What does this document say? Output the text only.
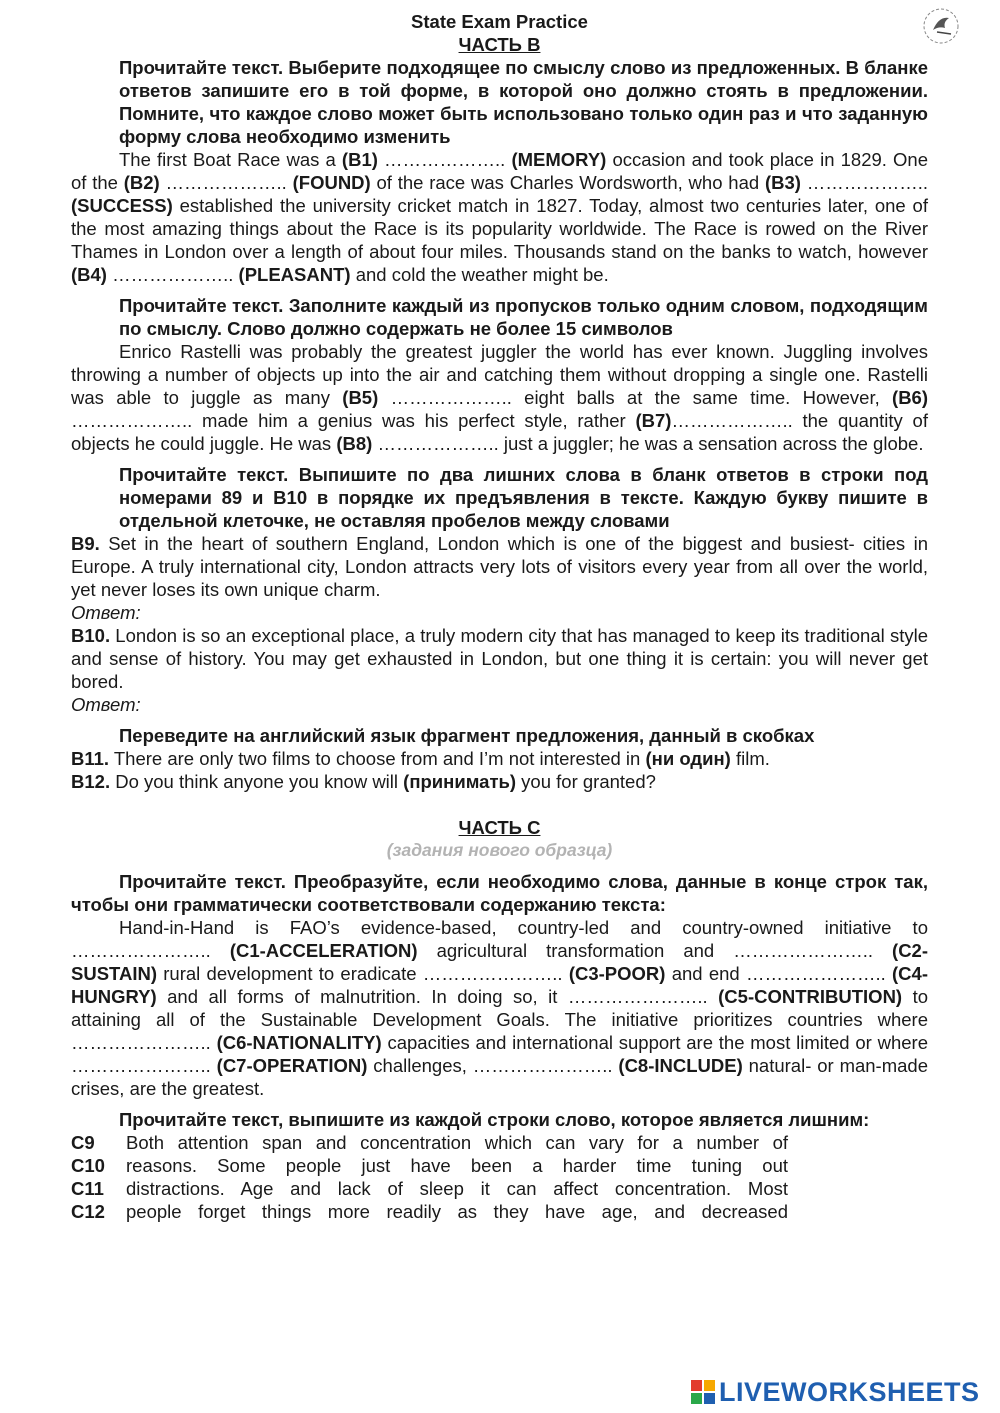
State Exam Practice

ЧАСТЬ В

Прочитайте текст. Выберите подходящее по смыслу слово из предложенных. В бланке ответов запишите его в той форме, в которой оно должно стоять в предложении. Помните, что каждое слово может быть использовано только один раз и что заданную форму слова необходимо изменить

The first Boat Race was a (B1) ……………….. (MEMORY) occasion and took place in 1829. One of the (B2) ……………….. (FOUND) of the race was Charles Wordsworth, who had (B3) ……………….. (SUCCESS) established the university cricket match in 1827. Today, almost two centuries later, one of the most amazing things about the Race is its popularity worldwide. The Race is rowed on the River Thames in London over a length of about four miles. Thousands stand on the banks to watch, however (B4) ……………….. (PLEASANT) and cold the weather might be.

Прочитайте текст. Заполните каждый из пропусков только одним словом, подходящим по смыслу. Слово должно содержать не более 15 символов

Enrico Rastelli was probably the greatest juggler the world has ever known. Juggling involves throwing a number of objects up into the air and catching them without dropping a single one. Rastelli was able to juggle as many (B5) ……………….. eight balls at the same time. However, (B6) ……………….. made him a genius was his perfect style, rather (B7)……………….. the quantity of objects he could juggle. He was (B8) ……………….. just a juggler; he was a sensation across the globe.

Прочитайте текст. Выпишите по два лишних слова в бланк ответов в строки под номерами 89 и В10 в порядке их предъявления в тексте. Каждую букву пишите в отдельной клеточке, не оставляя пробелов между словами

B9. Set in the heart of southern England, London which is one of the biggest and busiest- cities in Europe. A truly international city, London attracts very lots of visitors every year from all over the world, yet never loses its own unique charm.

Ответ:

B10. London is so an exceptional place, a truly modern city that has managed to keep its traditional style and sense of history. You may get exhausted in London, but one thing it is certain: you will never get bored.

Ответ:

Переведите на английский язык фрагмент предложения, данный в скобках

B11. There are only two films to choose from and I’m not interested in (ни один) film.

B12. Do you think anyone you know will (принимать) you for granted?

ЧАСТЬ С

(задания нового образца)

Прочитайте текст. Преобразуйте, если необходимо слова, данные в конце строк так, чтобы они грамматически соответствовали содержанию текста:

Hand-in-Hand is FAO’s evidence-based, country-led and country-owned initiative to ………………….. (C1-ACCELERATION) agricultural transformation and ………………….. (C2-SUSTAIN) rural development to eradicate ………………….. (C3-POOR) and end ………………….. (C4-HUNGRY) and all forms of malnutrition. In doing so, it ………………….. (C5-CONTRIBUTION) to attaining all of the Sustainable Development Goals. The initiative prioritizes countries where ………………….. (C6-NATIONALITY) capacities and international support are the most limited or where ………………….. (C7-OPERATION) challenges, ………………….. (C8-INCLUDE) natural- or man-made crises, are the greatest.

Прочитайте текст, выпишите из каждой строки слово, которое является лишним:

C9	Both attention span and concentration which can vary for a number of
C10	reasons. Some people just have been a harder time tuning out
C11	distractions. Age and lack of sleep it can affect concentration. Most
C12	people forget things more readily as they have age, and decreased
LIVEWORKSHEETS
